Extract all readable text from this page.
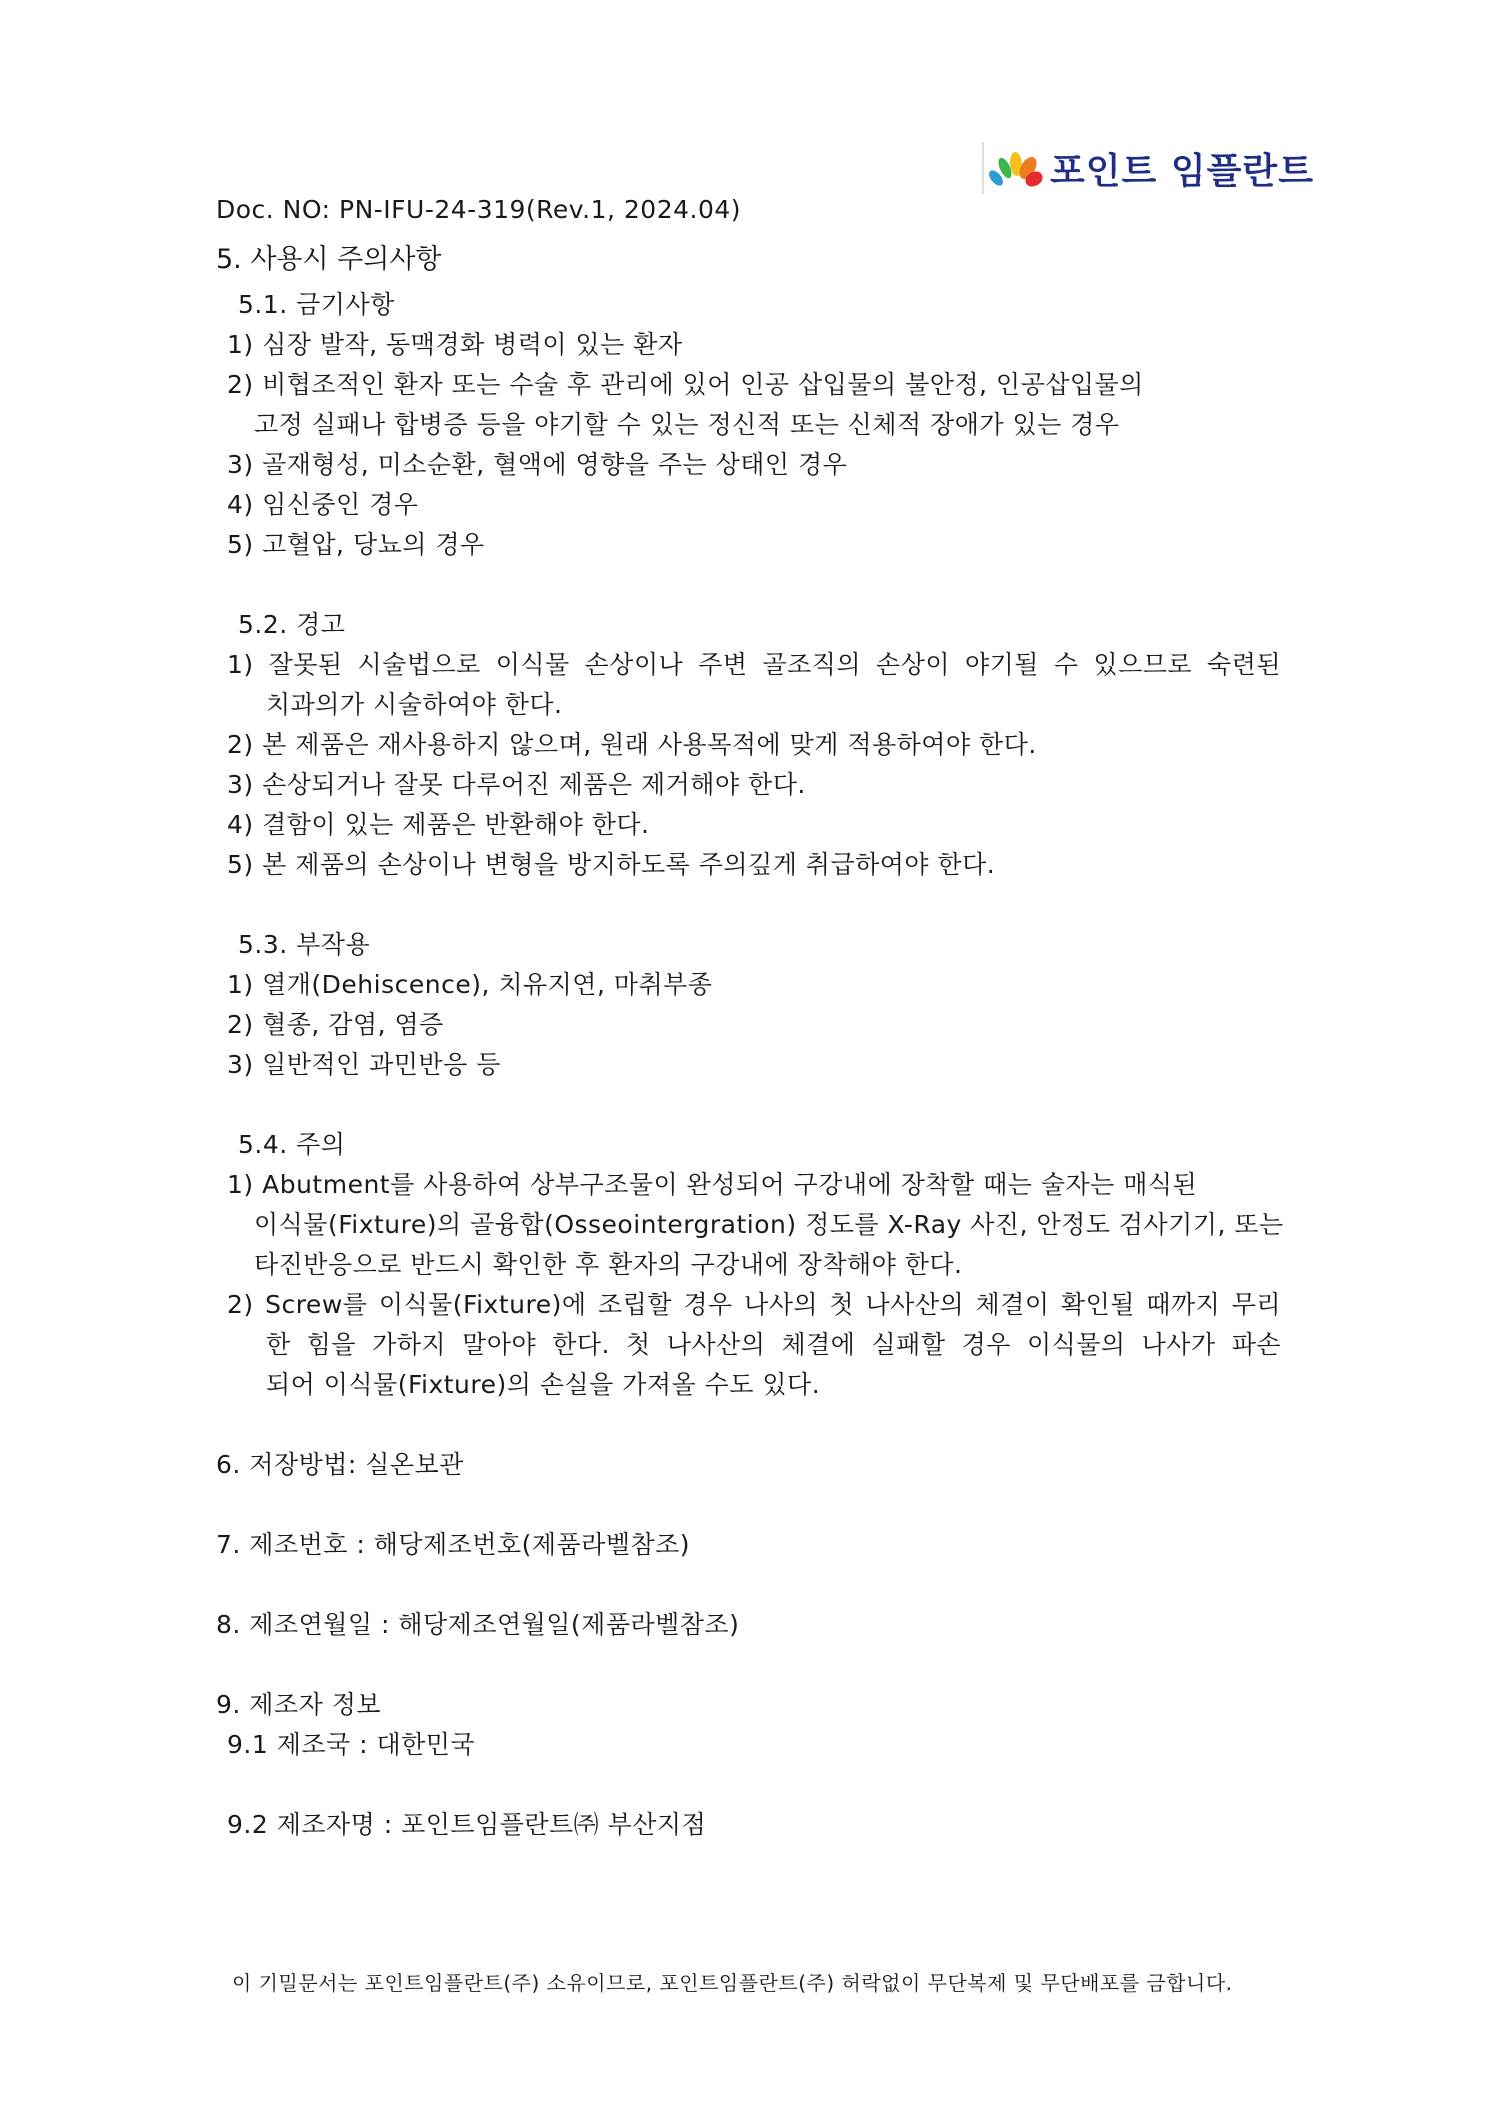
포인트 임플란트
Doc. NO: PN-IFU-24-319(Rev.1, 2024.04)
5. 사용시 주의사항
5.1. 금기사항
1) 심장 발작, 동맥경화 병력이 있는 환자
2) 비협조적인 환자 또는 수술 후 관리에 있어 인공 삽입물의 불안정, 인공삽입물의
고정 실패나 합병증 등을 야기할 수 있는 정신적 또는 신체적 장애가 있는 경우
3) 골재형성, 미소순환, 혈액에 영향을 주는 상태인 경우
4) 임신중인 경우
5) 고혈압, 당뇨의 경우
5.2. 경고
1) 잘못된 시술법으로 이식물 손상이나 주변 골조직의 손상이 야기될 수 있으므로 숙련된
치과의가 시술하여야 한다.
2) 본 제품은 재사용하지 않으며, 원래 사용목적에 맞게 적용하여야 한다.
3) 손상되거나 잘못 다루어진 제품은 제거해야 한다.
4) 결함이 있는 제품은 반환해야 한다.
5) 본 제품의 손상이나 변형을 방지하도록 주의깊게 취급하여야 한다.
5.3. 부작용
1) 열개(Dehiscence), 치유지연, 마취부종
2) 혈종, 감염, 염증
3) 일반적인 과민반응 등
5.4. 주의
1) Abutment를 사용하여 상부구조물이 완성되어 구강내에 장착할 때는 술자는 매식된
이식물(Fixture)의 골융합(Osseointergration) 정도를 X-Ray 사진, 안정도 검사기기, 또는
타진반응으로 반드시 확인한 후 환자의 구강내에 장착해야 한다.
2) Screw를 이식물(Fixture)에 조립할 경우 나사의 첫 나사산의 체결이 확인될 때까지 무리
한 힘을 가하지 말아야 한다. 첫 나사산의 체결에 실패할 경우 이식물의 나사가 파손
되어 이식물(Fixture)의 손실을 가져올 수도 있다.
6. 저장방법: 실온보관
7. 제조번호 : 해당제조번호(제품라벨참조)
8. 제조연월일 : 해당제조연월일(제품라벨참조)
9. 제조자 정보
9.1 제조국 : 대한민국
9.2 제조자명 : 포인트임플란트㈜ 부산지점
이 기밀문서는 포인트임플란트(주) 소유이므로, 포인트임플란트(주) 허락없이 무단복제 및 무단배포를 금합니다.
